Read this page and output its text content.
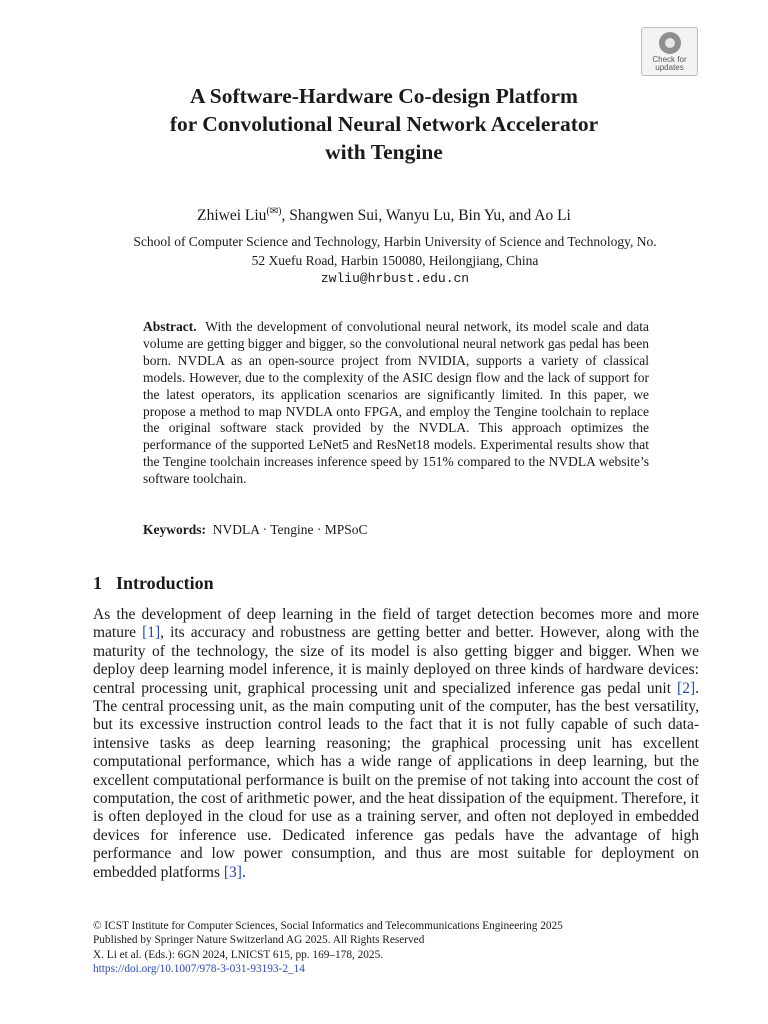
Check for
updates
A Software-Hardware Co-design Platform
for Convolutional Neural Network Accelerator
with Tengine
Zhiwei Liu(✉), Shangwen Sui, Wanyu Lu, Bin Yu, and Ao Li
School of Computer Science and Technology, Harbin University of Science and Technology, No.
52 Xuefu Road, Harbin 150080, Heilongjiang, China
zwliu@hrbust.edu.cn
Abstract. With the development of convolutional neural network, its model scale and data volume are getting bigger and bigger, so the convolutional neural network gas pedal has been born. NVDLA as an open-source project from NVIDIA, supports a variety of classical models. However, due to the complexity of the ASIC design flow and the lack of support for the latest operators, its application scenarios are significantly limited. In this paper, we propose a method to map NVDLA onto FPGA, and employ the Tengine toolchain to replace the original software stack provided by the NVDLA. This approach optimizes the performance of the supported LeNet5 and ResNet18 models. Experimental results show that the Tengine toolchain increases inference speed by 151% compared to the NVDLA website’s software toolchain.
Keywords: NVDLA · Tengine · MPSoC
1 Introduction
As the development of deep learning in the field of target detection becomes more and more mature [1], its accuracy and robustness are getting better and better. However, along with the maturity of the technology, the size of its model is also getting bigger and bigger. When we deploy deep learning model inference, it is mainly deployed on three kinds of hardware devices: central processing unit, graphical processing unit and specialized inference gas pedal unit [2]. The central processing unit, as the main computing unit of the computer, has the best versatility, but its excessive instruction control leads to the fact that it is not fully capable of such data-intensive tasks as deep learning reasoning; the graphical processing unit has excellent computational performance, which has a wide range of applications in deep learning, but the excellent computational performance is built on the premise of not taking into account the cost of computation, the cost of arithmetic power, and the heat dissipation of the equipment. Therefore, it is often deployed in the cloud for use as a training server, and often not deployed in embedded devices for inference use. Dedicated inference gas pedals have the advantage of high performance and low power consumption, and thus are most suitable for deployment on embedded platforms [3].
© ICST Institute for Computer Sciences, Social Informatics and Telecommunications Engineering 2025
Published by Springer Nature Switzerland AG 2025. All Rights Reserved
X. Li et al. (Eds.): 6GN 2024, LNICST 615, pp. 169–178, 2025.
https://doi.org/10.1007/978-3-031-93193-2_14
